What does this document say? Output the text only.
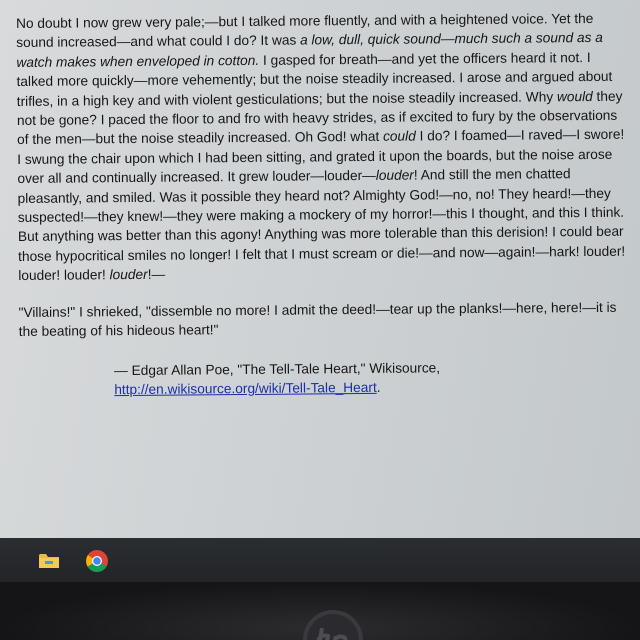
No doubt I now grew very pale;—but I talked more fluently, and with a heightened voice. Yet the sound increased—and what could I do? It was a low, dull, quick sound—much such a sound as a watch makes when enveloped in cotton. I gasped for breath—and yet the officers heard it not. I talked more quickly—more vehemently; but the noise steadily increased. I arose and argued about trifles, in a high key and with violent gesticulations; but the noise steadily increased. Why would they not be gone? I paced the floor to and fro with heavy strides, as if excited to fury by the observations of the men—but the noise steadily increased. Oh God! what could I do? I foamed—I raved—I swore! I swung the chair upon which I had been sitting, and grated it upon the boards, but the noise arose over all and continually increased. It grew louder—louder—louder! And still the men chatted pleasantly, and smiled. Was it possible they heard not? Almighty God!—no, no! They heard!—they suspected!—they knew!—they were making a mockery of my horror!—this I thought, and this I think. But anything was better than this agony! Anything was more tolerable than this derision! I could bear those hypocritical smiles no longer! I felt that I must scream or die!—and now—again!—hark! louder! louder! louder! louder!—

"Villains!" I shrieked, "dissemble no more! I admit the deed!—tear up the planks!—here, here!—it is the beating of his hideous heart!"

— Edgar Allan Poe, "The Tell-Tale Heart," Wikisource,
http://en.wikisource.org/wiki/Tell-Tale_Heart.
